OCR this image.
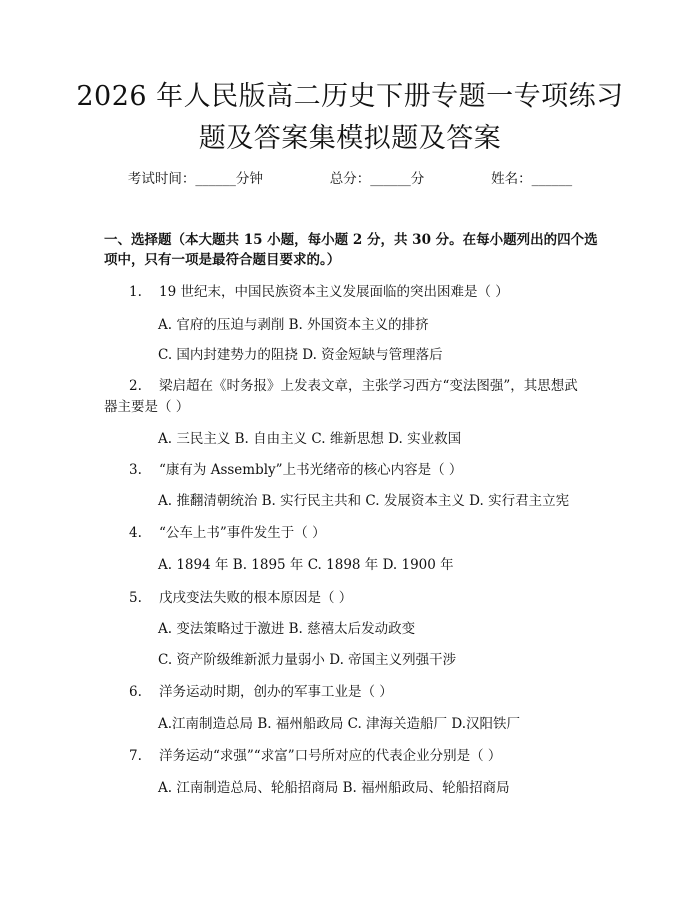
2026 年人民版高二历史下册专题一专项练习
题及答案集模拟题及答案
考试时间：______分钟   总分：______分   姓名：______
一、选择题（本大题共 15 小题，每小题 2 分，共 30 分。在每小题列出的四个选
项中，只有一项是最符合题目要求的。）
1. 19 世纪末，中国民族资本主义发展面临的突出困难是（ ）
A. 官府的压迫与剥削 B. 外国资本主义的排挤
C. 国内封建势力的阻挠 D. 资金短缺与管理落后
2. 梁启超在《时务报》上发表文章，主张学习西方“变法图强”，其思想武
器主要是（ ）
A. 三民主义 B. 自由主义 C. 维新思想 D. 实业救国
3. “康有为 Assembly”上书光绪帝的核心内容是（ ）
A. 推翻清朝统治 B. 实行民主共和 C. 发展资本主义 D. 实行君主立宪
4. “公车上书”事件发生于（ ）
A. 1894 年 B. 1895 年 C. 1898 年 D. 1900 年
5. 戊戌变法失败的根本原因是（ ）
A. 变法策略过于激进 B. 慈禧太后发动政变
C. 资产阶级维新派力量弱小 D. 帝国主义列强干涉
6. 洋务运动时期，创办的军事工业是（ ）
A.江南制造总局 B. 福州船政局 C. 津海关造船厂 D.汉阳铁厂
7. 洋务运动“求强”“求富”口号所对应的代表企业分别是（ ）
A. 江南制造总局、轮船招商局 B. 福州船政局、轮船招商局
